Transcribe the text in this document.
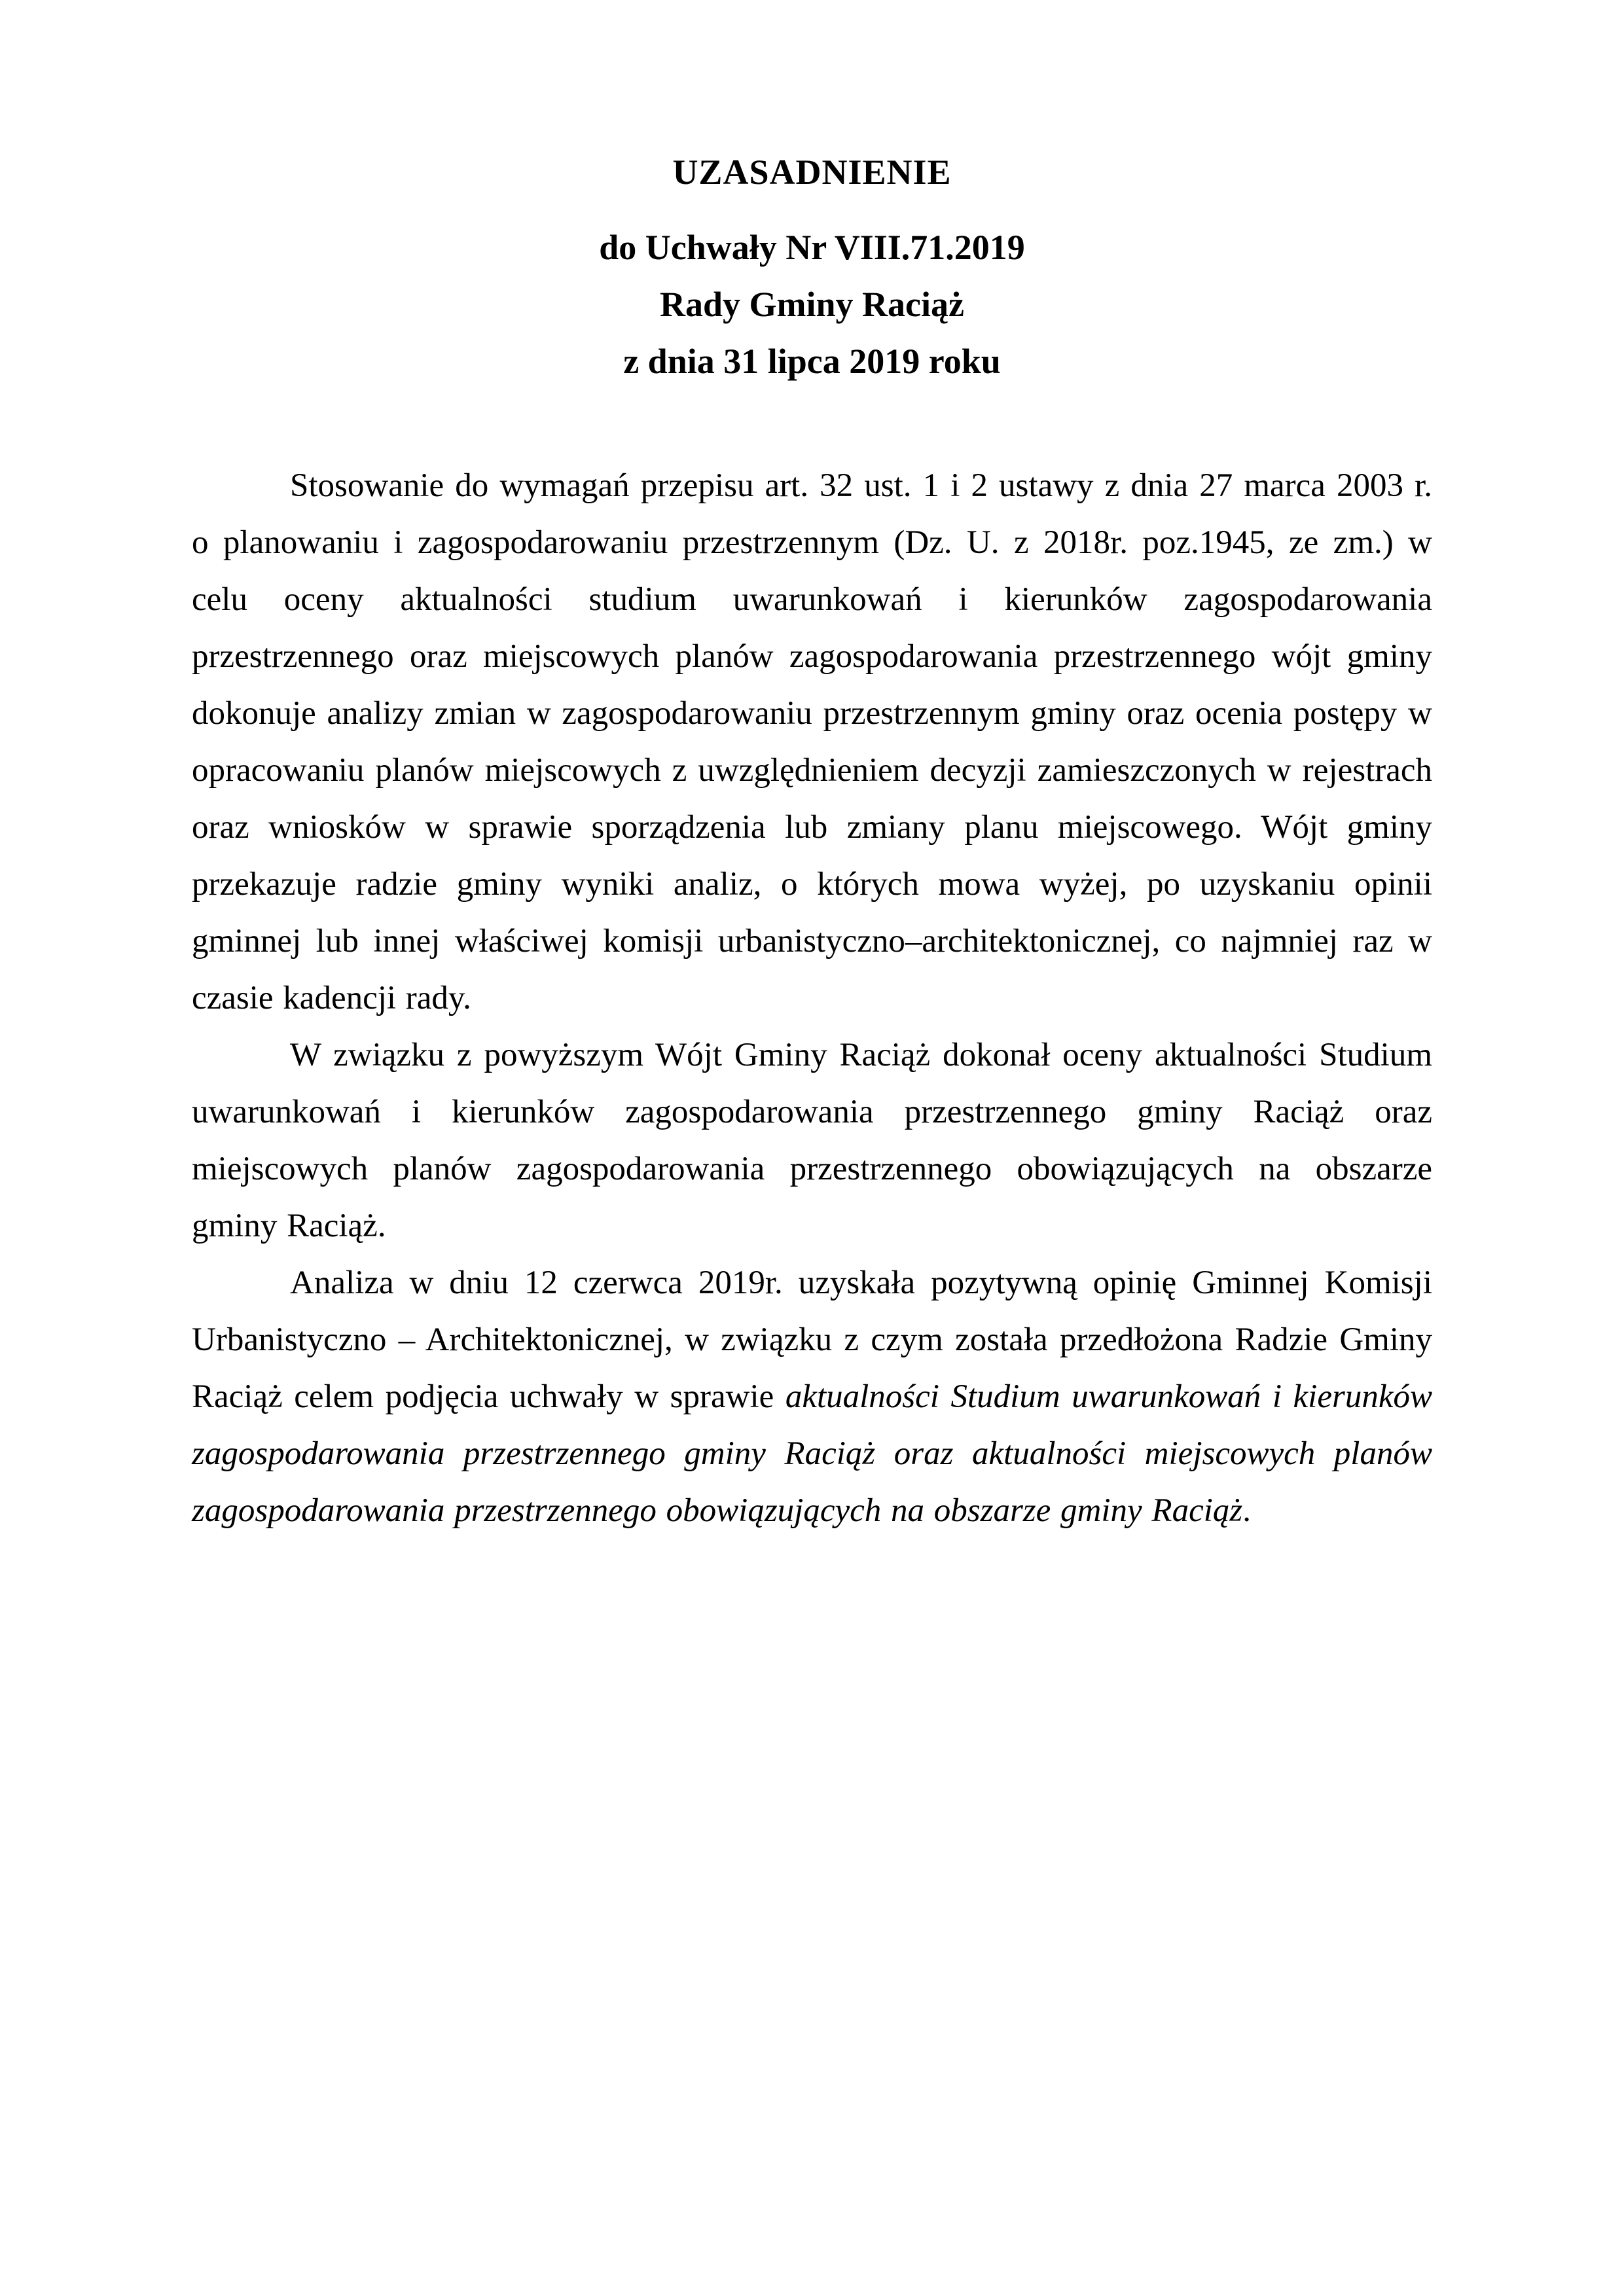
UZASADNIENIE
do Uchwały Nr VIII.71.2019
Rady Gminy Raciąż
z dnia 31 lipca 2019 roku

Stosowanie do wymagań przepisu art. 32 ust. 1 i 2 ustawy z dnia 27 marca 2003 r. o planowaniu i zagospodarowaniu przestrzennym (Dz. U. z 2018r. poz.1945, ze zm.) w celu oceny aktualności studium uwarunkowań i kierunków zagospodarowania przestrzennego oraz miejscowych planów zagospodarowania przestrzennego wójt gminy dokonuje analizy zmian w zagospodarowaniu przestrzennym gminy oraz ocenia postępy w opracowaniu planów miejscowych z uwzględnieniem decyzji zamieszczonych w rejestrach oraz wniosków w sprawie sporządzenia lub zmiany planu miejscowego. Wójt gminy przekazuje radzie gminy wyniki analiz, o których mowa wyżej, po uzyskaniu opinii gminnej lub innej właściwej komisji urbanistyczno–architektonicznej, co najmniej raz w czasie kadencji rady.

W związku z powyższym Wójt Gminy Raciąż dokonał oceny aktualności Studium uwarunkowań i kierunków zagospodarowania przestrzennego gminy Raciąż oraz miejscowych planów zagospodarowania przestrzennego obowiązujących na obszarze gminy Raciąż.

Analiza w dniu 12 czerwca 2019r. uzyskała pozytywną opinię Gminnej Komisji Urbanistyczno – Architektonicznej, w związku z czym została przedłożona Radzie Gminy Raciąż celem podjęcia uchwały w sprawie aktualności Studium uwarunkowań i kierunków zagospodarowania przestrzennego gminy Raciąż oraz aktualności miejscowych planów zagospodarowania przestrzennego obowiązujących na obszarze gminy Raciąż.
